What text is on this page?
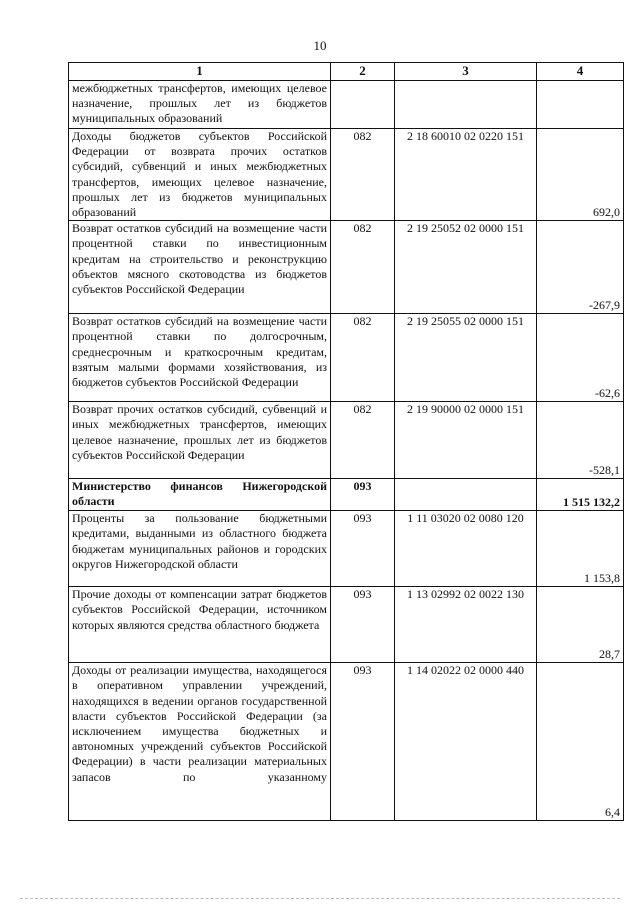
10
1	2	3	4
межбюджетных трансфертов, имеющих целевое назначение, прошлых лет из бюджетов муниципальных образований			
Доходы бюджетов субъектов Российской Федерации от возврата прочих остатков субсидий, субвенций и иных межбюджетных трансфертов, имеющих целевое назначение, прошлых лет из бюджетов муниципальных образований	082	2 18 60010 02 0220 151	692,0
Возврат остатков субсидий на возмещение части процентной ставки по инвестиционным кредитам на строительство и реконструкцию объектов мясного скотоводства из бюджетов субъектов Российской Федерации	082	2 19 25052 02 0000 151	-267,9
Возврат остатков субсидий на возмещение части процентной ставки по долгосрочным, среднесрочным и краткосрочным кредитам, взятым малыми формами хозяйствования, из бюджетов субъектов Российской Федерации	082	2 19 25055 02 0000 151	-62,6
Возврат прочих остатков субсидий, субвенций и иных межбюджетных трансфертов, имеющих целевое назначение, прошлых лет из бюджетов субъектов Российской Федерации	082	2 19 90000 02 0000 151	-528,1
Министерство финансов Нижегородской области	093		1 515 132,2
Проценты за пользование бюджетными кредитами, выданными из областного бюджета бюджетам муниципальных районов и городских округов Нижегородской области	093	1 11 03020 02 0080 120	1 153,8
Прочие доходы от компенсации затрат бюджетов субъектов Российской Федерации, источником которых являются средства областного бюджета	093	1 13 02992 02 0022 130	28,7
Доходы от реализации имущества, находящегося в оперативном управлении учреждений, находящихся в ведении органов государственной власти субъектов Российской Федерации (за исключением имущества бюджетных и автономных учреждений субъектов Российской Федерации) в части реализации материальных запасов по указанному	093	1 14 02022 02 0000 440	6,4
